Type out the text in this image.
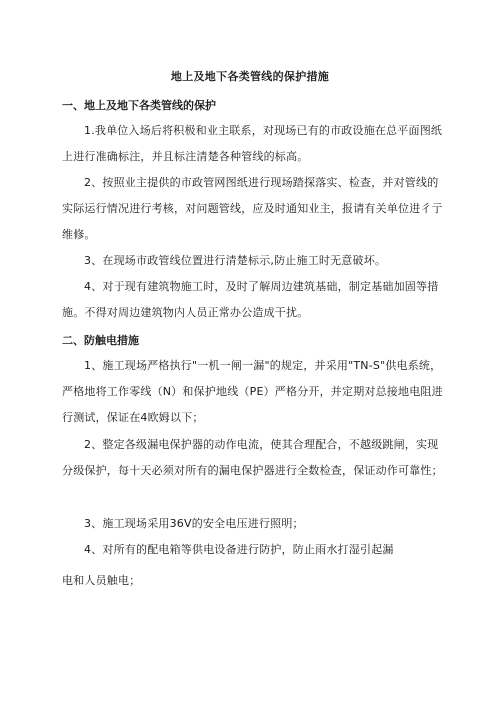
地上及地下各类管线的保护措施
一、地上及地下各类管线的保护

1.我单位入场后将积极和业主联系，对现场已有的市政设施在总平面图纸上进行准确标注，并且标注清楚各种管线的标高。

2、按照业主提供的市政管网图纸进行现场踏探落实、检查，并对管线的实际运行情况进行考核，对问题管线，应及时通知业主，报请有关单位进彳亍维修。

3、在现场市政管线位置进行清楚标示,防止施工时无意破坏。

4、对于现有建筑物施工时，及时了解周边建筑基础，制定基础加固等措施。不得对周边建筑物内人员正常办公造成干扰。

二、防触电措施

1、施工现场严格执行"一机一闸一漏"的规定，并采用"TN-S"供电系统，严格地将工作零线（N）和保护地线（PE）严格分开，并定期对总接地电阻进行测试，保证在4欧姆以下；

2、整定各级漏电保护器的动作电流，使其合理配合，不越级跳闸，实现分级保护，每十天必须对所有的漏电保护器进行全数检查，保证动作可靠性；

3、施工现场采用36V的安全电压进行照明；

4、对所有的配电箱等供电设备进行防护，防止雨水打湿引起漏

电和人员触电；
